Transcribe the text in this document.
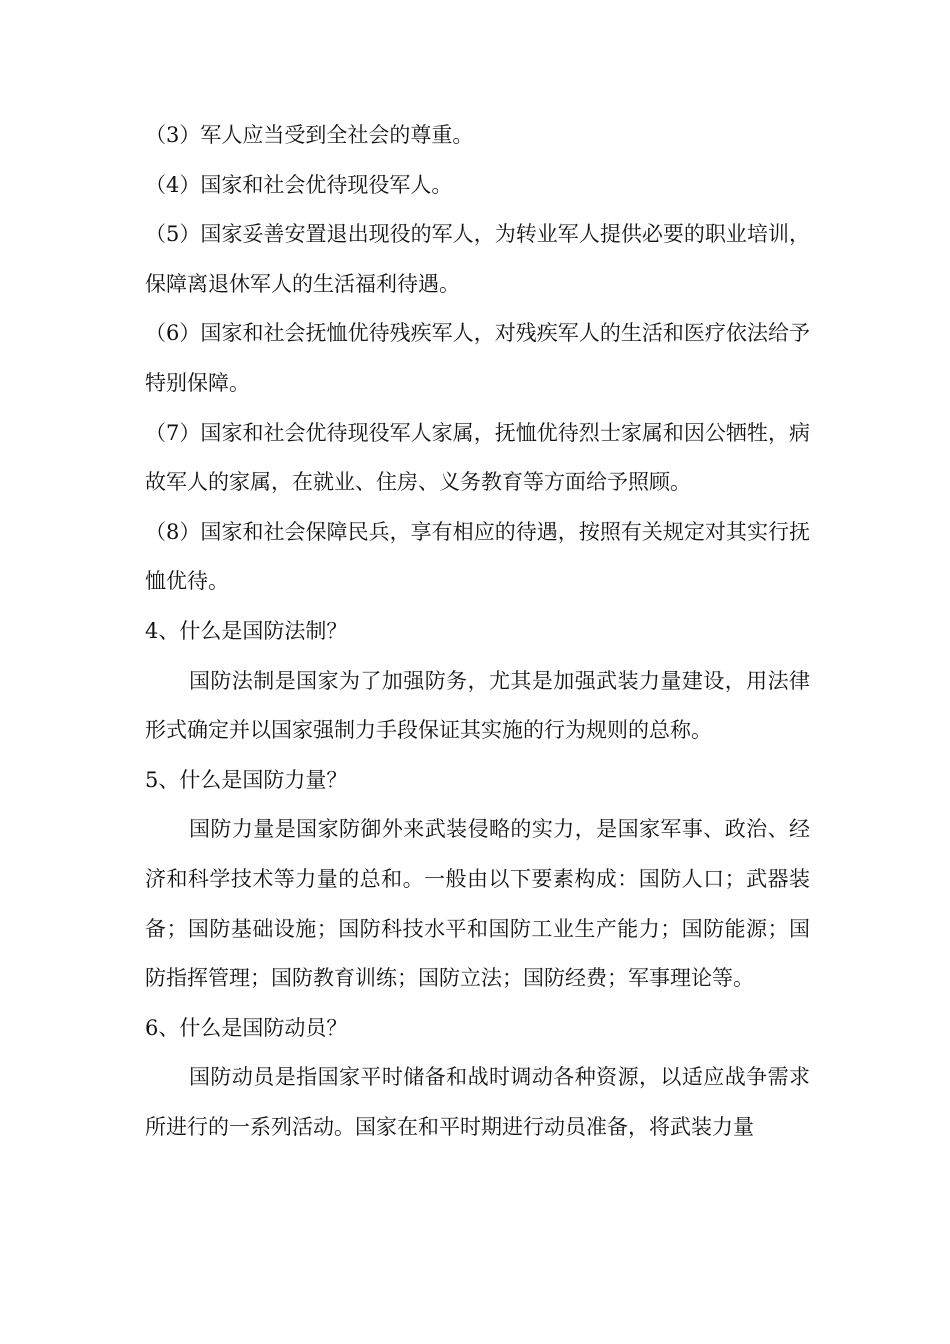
（3）军人应当受到全社会的尊重。

（4）国家和社会优待现役军人。

（5）国家妥善安置退出现役的军人，为转业军人提供必要的职业培训，保障离退休军人的生活福利待遇。

（6）国家和社会抚恤优待残疾军人，对残疾军人的生活和医疗依法给予特别保障。

（7）国家和社会优待现役军人家属，抚恤优待烈士家属和因公牺牲，病故军人的家属，在就业、住房、义务教育等方面给予照顾。

（8）国家和社会保障民兵，享有相应的待遇，按照有关规定对其实行抚恤优待。

4、什么是国防法制？

国防法制是国家为了加强防务，尤其是加强武装力量建设，用法律形式确定并以国家强制力手段保证其实施的行为规则的总称。

5、什么是国防力量？

国防力量是国家防御外来武装侵略的实力，是国家军事、政治、经济和科学技术等力量的总和。一般由以下要素构成：国防人口；武器装备；国防基础设施；国防科技水平和国防工业生产能力；国防能源；国防指挥管理；国防教育训练；国防立法；国防经费；军事理论等。

6、什么是国防动员？

国防动员是指国家平时储备和战时调动各种资源，以适应战争需求所进行的一系列活动。国家在和平时期进行动员准备，将武装力量
